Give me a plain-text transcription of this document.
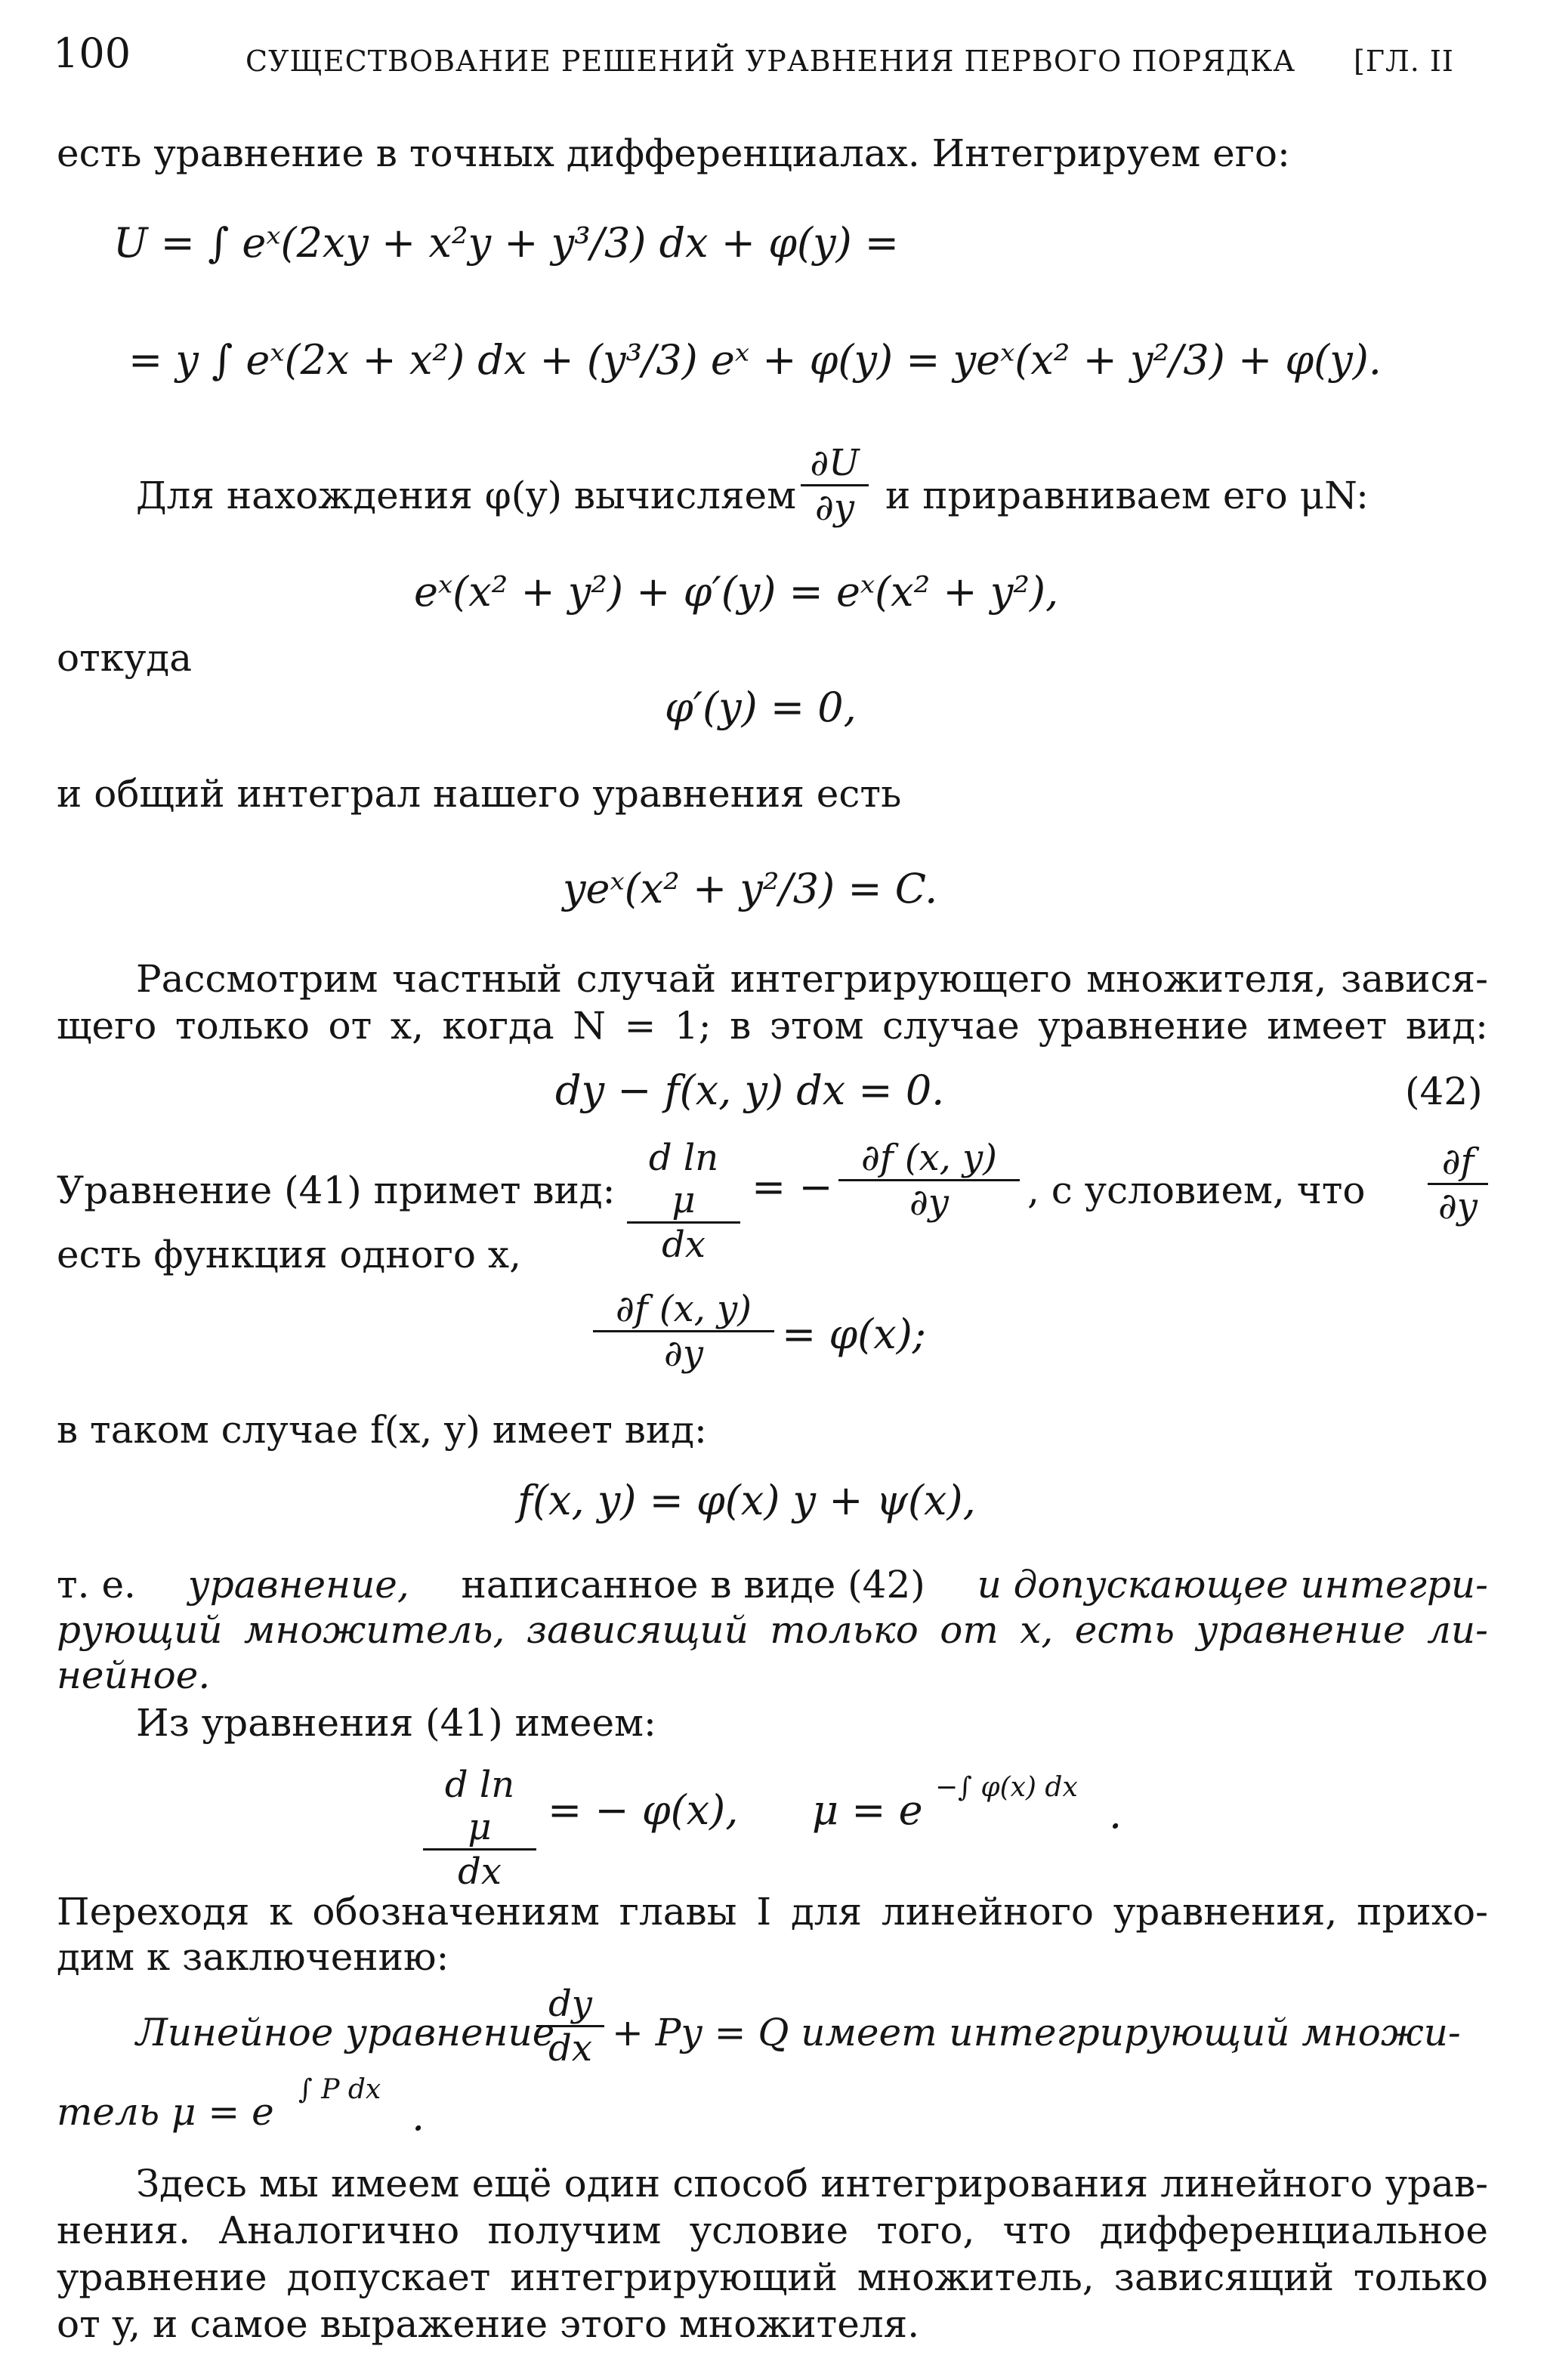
100	СУЩЕСТВОВАНИЕ РЕШЕНИЙ УРАВНЕНИЯ ПЕРВОГО ПОРЯДКА [ГЛ. II
есть уравнение в точных дифференциалах. Интегрируем его:
U = ∫ eˣ(2xy + x²y + y³/3) dx + φ(y) =
= y ∫ eˣ(2x + x²) dx + (y³/3) eˣ + φ(y) = yeˣ(x² + y²/3) + φ(y).
Для нахождения φ(y) вычисляем $\frac{\partial U}{\partial y}$ и приравниваем его μN:
eˣ(x² + y²) + φ′(y) = eˣ(x² + y²),
откуда
φ′(y) = 0,
и общий интеграл нашего уравнения есть
yeˣ(x² + y²/3) = C.
Рассмотрим частный случай интегрирующего множителя, завися-
щего только от x, когда N = 1; в этом случае уравнение имеет вид:
dy − f(x, y) dx = 0.	(42)
Уравнение (41) примет вид: $\frac{\text{d ln μ}}{dx}$ = − $\frac{\partial f (x, y)}{\partial y}$ , с условием, что $\frac{\partial f}{\partial y}$
есть функция одного x,
$\frac{\partial f (x, y)}{\partial y} = \varphi(x)$;
в таком случае f(x, y) имеет вид:
f(x, y) = φ(x) y + ψ(x),
т. е. уравнение, написанное в виде (42) и допускающее интегри-
рующий множитель, зависящий только от x, есть уравнение ли-
нейное.
Из уравнения (41) имеем:
$\frac{\text{d ln μ}}{dx}$ = − φ(x), μ = e −∫ φ(x) dx
.
Переходя к обозначениям главы I для линейного уравнения, прихо-
дим к заключению:
Линейное уравнение
$\frac{dy}{dx} + Py = Q$ имеет интегрирующий множи-
тель μ = e
∫ P dx
.
Здесь мы имеем ещё один способ интегрирования линейного урав-
нения. Аналогично получим условие того, что дифференциальное
уравнение допускает интегрирующий множитель, зависящий только
от y, и самое выражение этого множителя.
